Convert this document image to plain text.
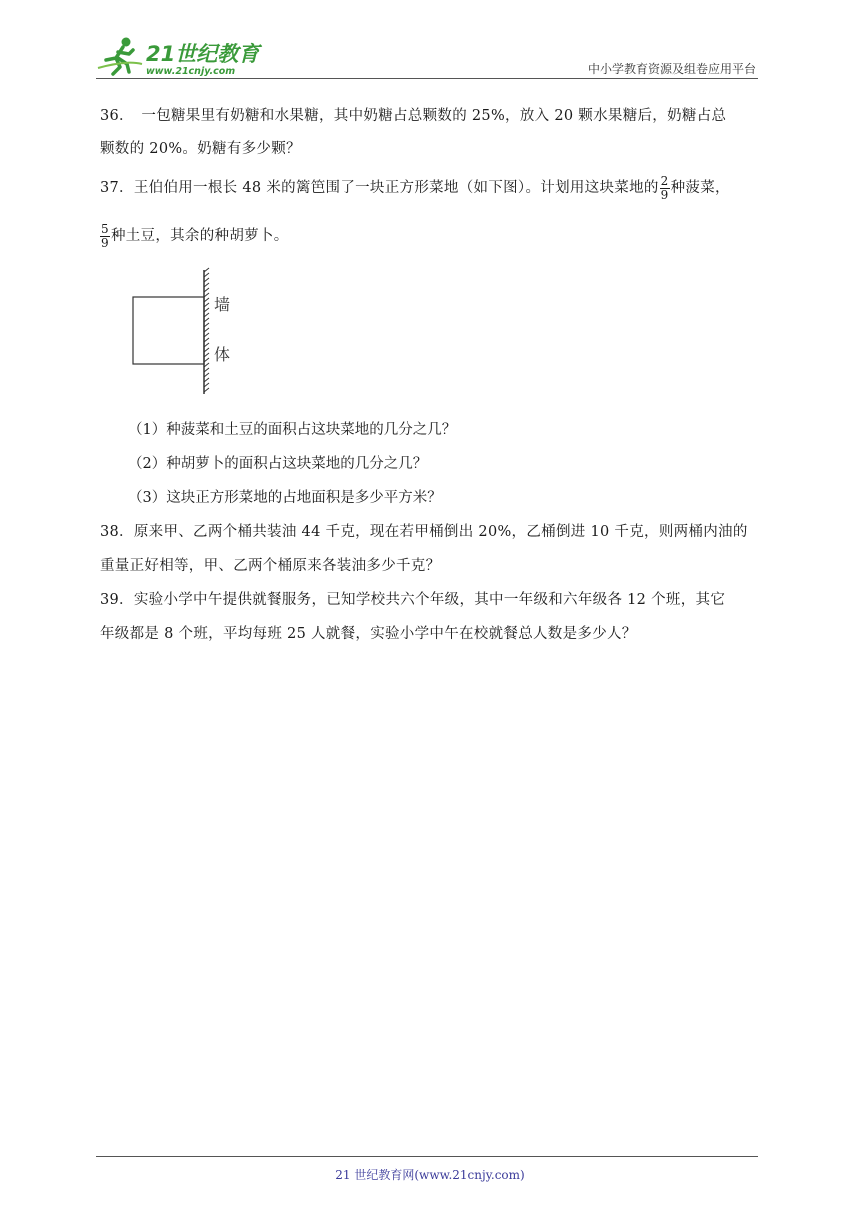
21世纪教育
www.21cnjy.com	中小学教育资源及组卷应用平台
36．　一包糖果里有奶糖和水果糖，其中奶糖占总颗数的 25%，放入 20 颗水果糖后，奶糖占总
颗数的 20%。奶糖有多少颗？
37．王伯伯用一根长 48 米的篱笆围了一块正方形菜地（如下图）。计划用这块菜地的 $\frac{2}{9}$ 种菠菜，
$\frac{5}{9}$ 种土豆，其余的种胡萝卜。
（1）种菠菜和土豆的面积占这块菜地的几分之几？
（2）种胡萝卜的面积占这块菜地的几分之几？
（3）这块正方形菜地的占地面积是多少平方米？
38．原来甲、乙两个桶共装油 44 千克，现在若甲桶倒出 20%，乙桶倒进 10 千克，则两桶内油的
重量正好相等，甲、乙两个桶原来各装油多少千克？
39．实验小学中午提供就餐服务，已知学校共六个年级，其中一年级和六年级各 12 个班，其它
年级都是 8 个班，平均每班 25 人就餐，实验小学中午在校就餐总人数是多少人？
墙
体
21 世纪教育网(www.21cnjy.com)
